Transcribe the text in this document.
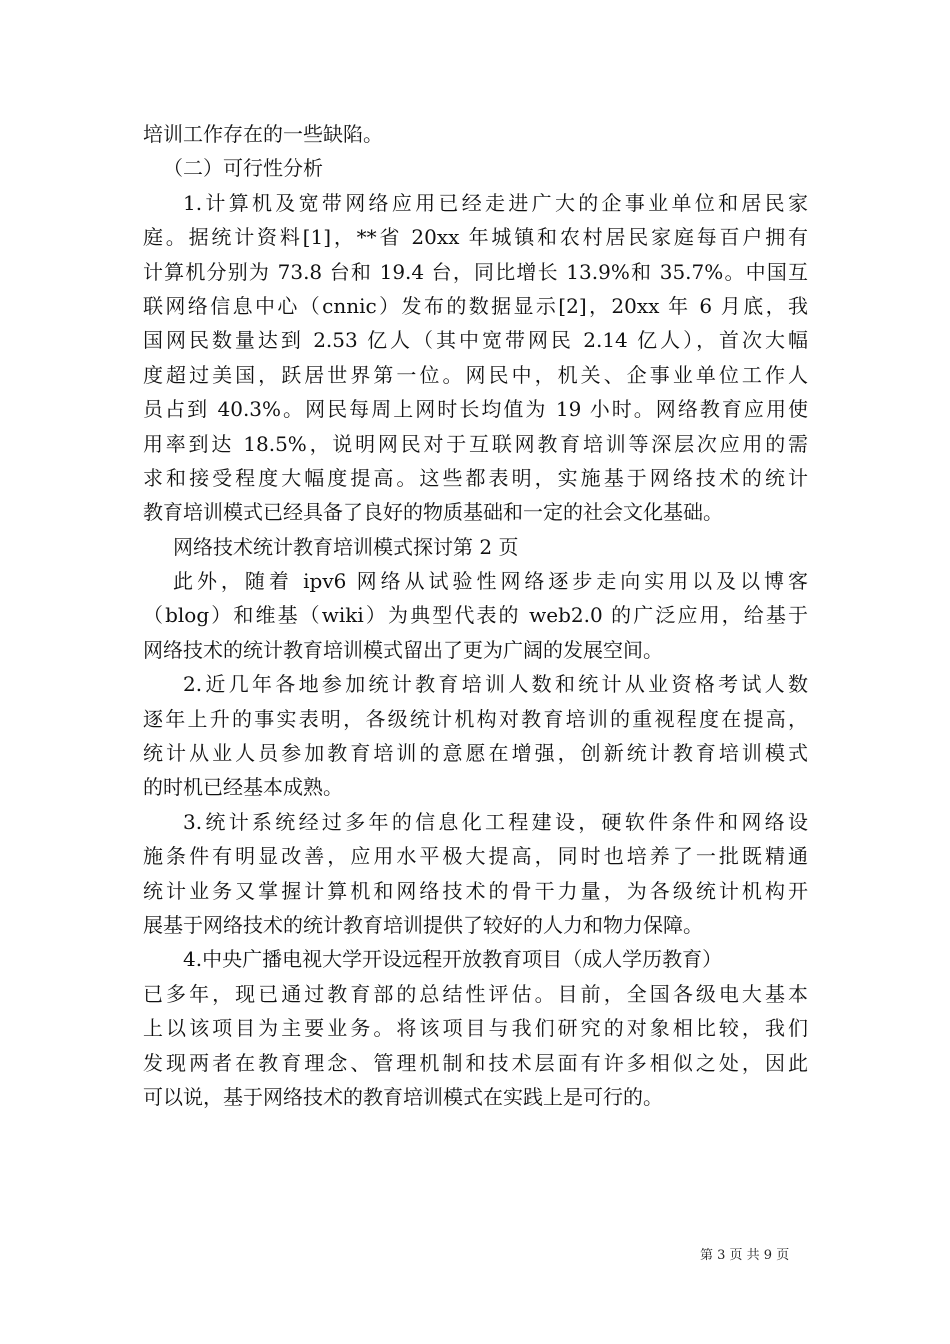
培训工作存在的一些缺陷。
（二）可行性分析
1.计算机及宽带网络应用已经走进广大的企事业单位和居民家
庭。据统计资料[1]，**省 20xx 年城镇和农村居民家庭每百户拥有
计算机分别为 73.8 台和 19.4 台，同比增长 13.9%和 35.7%。中国互
联网络信息中心（cnnic）发布的数据显示[2]，20xx 年 6 月底，我
国网民数量达到 2.53 亿人（其中宽带网民 2.14 亿人），首次大幅
度超过美国，跃居世界第一位。网民中，机关、企事业单位工作人
员占到 40.3%。网民每周上网时长均值为 19 小时。网络教育应用使
用率到达 18.5%，说明网民对于互联网教育培训等深层次应用的需
求和接受程度大幅度提高。这些都表明，实施基于网络技术的统计
教育培训模式已经具备了良好的物质基础和一定的社会文化基础。
网络技术统计教育培训模式探讨第 2 页
此外，随着 ipv6 网络从试验性网络逐步走向实用以及以博客
（blog）和维基（wiki）为典型代表的 web2.0 的广泛应用，给基于
网络技术的统计教育培训模式留出了更为广阔的发展空间。
2.近几年各地参加统计教育培训人数和统计从业资格考试人数
逐年上升的事实表明，各级统计机构对教育培训的重视程度在提高，
统计从业人员参加教育培训的意愿在增强，创新统计教育培训模式
的时机已经基本成熟。
3.统计系统经过多年的信息化工程建设，硬软件条件和网络设
施条件有明显改善，应用水平极大提高，同时也培养了一批既精通
统计业务又掌握计算机和网络技术的骨干力量，为各级统计机构开
展基于网络技术的统计教育培训提供了较好的人力和物力保障。
4.中央广播电视大学开设远程开放教育项目（成人学历教育）
已多年，现已通过教育部的总结性评估。目前，全国各级电大基本
上以该项目为主要业务。将该项目与我们研究的对象相比较，我们
发现两者在教育理念、管理机制和技术层面有许多相似之处，因此
可以说，基于网络技术的教育培训模式在实践上是可行的。
第 3 页 共 9 页
